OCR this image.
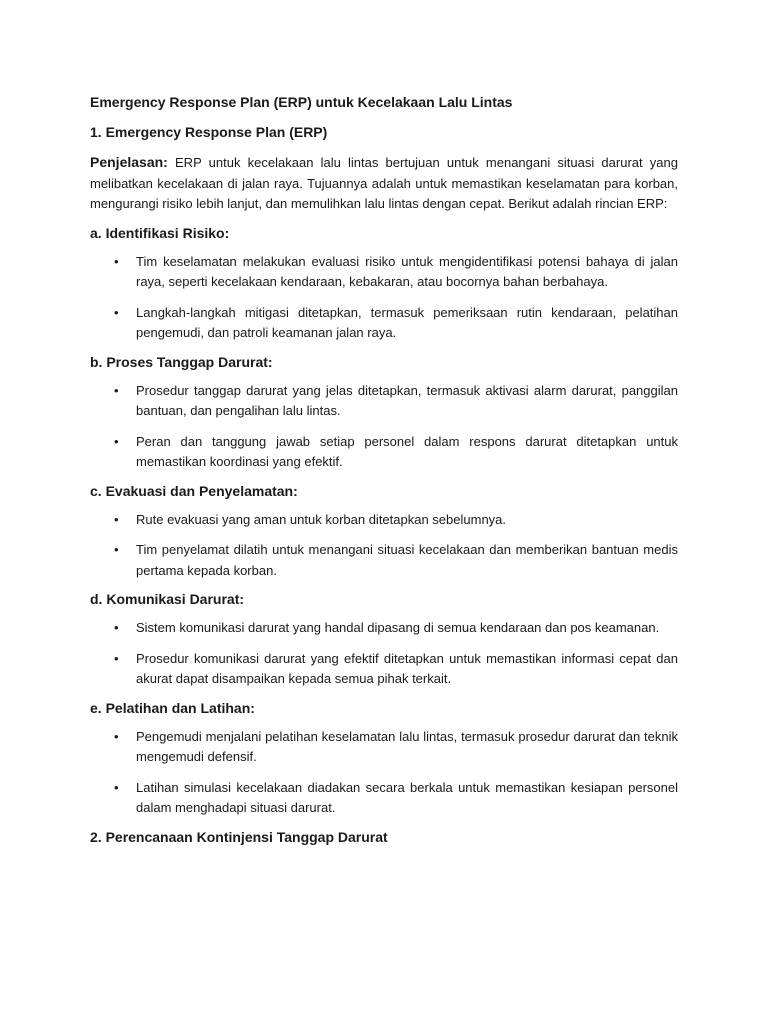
Emergency Response Plan (ERP) untuk Kecelakaan Lalu Lintas
1. Emergency Response Plan (ERP)

Penjelasan: ERP untuk kecelakaan lalu lintas bertujuan untuk menangani situasi darurat yang melibatkan kecelakaan di jalan raya. Tujuannya adalah untuk memastikan keselamatan para korban, mengurangi risiko lebih lanjut, dan memulihkan lalu lintas dengan cepat. Berikut adalah rincian ERP:

a. Identifikasi Risiko:
• Tim keselamatan melakukan evaluasi risiko untuk mengidentifikasi potensi bahaya di jalan raya, seperti kecelakaan kendaraan, kebakaran, atau bocornya bahan berbahaya.
• Langkah-langkah mitigasi ditetapkan, termasuk pemeriksaan rutin kendaraan, pelatihan pengemudi, dan patroli keamanan jalan raya.
b. Proses Tanggap Darurat:
• Prosedur tanggap darurat yang jelas ditetapkan, termasuk aktivasi alarm darurat, panggilan bantuan, dan pengalihan lalu lintas.
• Peran dan tanggung jawab setiap personel dalam respons darurat ditetapkan untuk memastikan koordinasi yang efektif.
c. Evakuasi dan Penyelamatan:
• Rute evakuasi yang aman untuk korban ditetapkan sebelumnya.
• Tim penyelamat dilatih untuk menangani situasi kecelakaan dan memberikan bantuan medis pertama kepada korban.
d. Komunikasi Darurat:
• Sistem komunikasi darurat yang handal dipasang di semua kendaraan dan pos keamanan.
• Prosedur komunikasi darurat yang efektif ditetapkan untuk memastikan informasi cepat dan akurat dapat disampaikan kepada semua pihak terkait.
e. Pelatihan dan Latihan:
• Pengemudi menjalani pelatihan keselamatan lalu lintas, termasuk prosedur darurat dan teknik mengemudi defensif.
• Latihan simulasi kecelakaan diadakan secara berkala untuk memastikan kesiapan personel dalam menghadapi situasi darurat.
2. Perencanaan Kontinjensi Tanggap Darurat
